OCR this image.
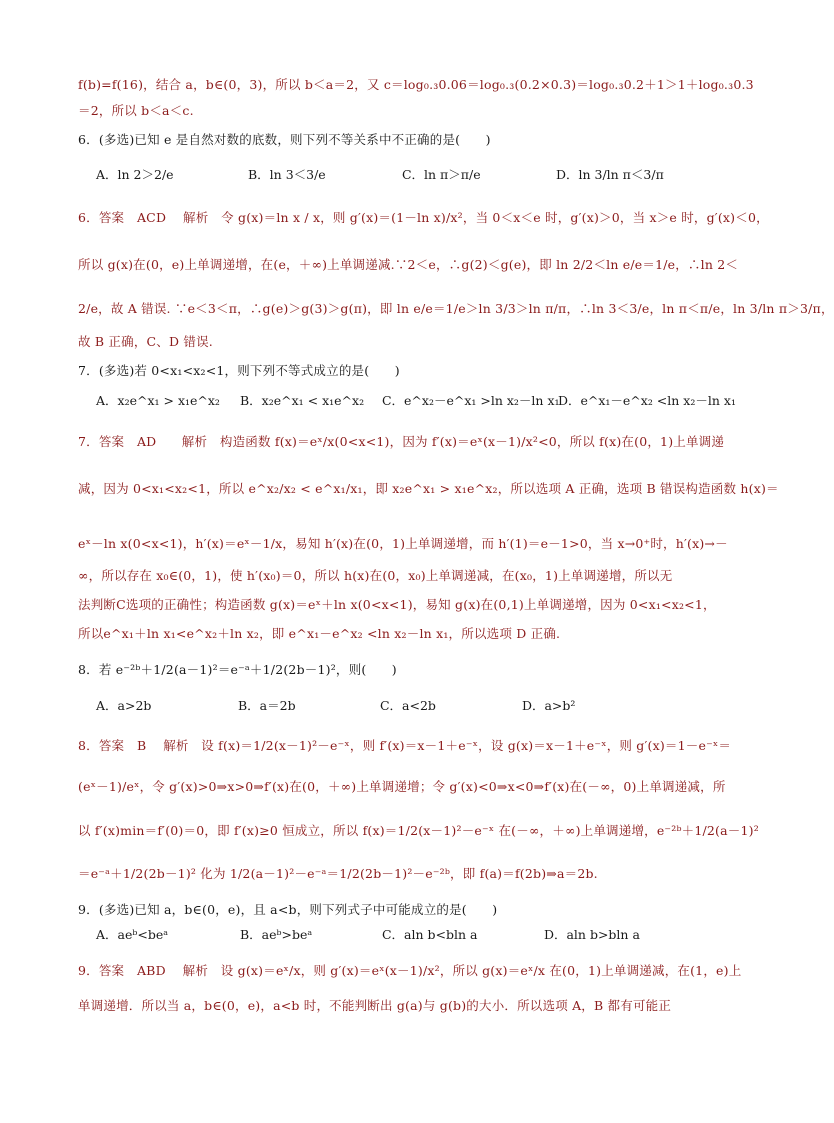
f(b)=f(16)，结合 a，b∈(0，3)，所以 b＜a＝2，又 c＝log₀.₃0.06＝log₀.₃(0.2×0.3)＝log₀.₃0.2＋1＞1＋log₀.₃0.3
＝2，所以 b＜a＜c.
6．(多选)已知 e 是自然对数的底数，则下列不等关系中不正确的是(　　)
A．ln 2＞2/e	B．ln 3＜3/e	C．ln π＞π/e	D．ln 3/ln π＜3/π
6．答案　ACD　 解析　令 g(x)＝ln x / x，则 g′(x)＝(1－ln x)/x²，当 0＜x＜e 时，g′(x)＞0，当 x＞e 时，g′(x)＜0，
所以 g(x)在(0，e)上单调递增，在(e，＋∞)上单调递减.∵2＜e，∴g(2)＜g(e)，即 ln 2/2＜ln e/e＝1/e，∴ln 2＜
2/e，故 A 错误. ∵e＜3＜π，∴g(e)＞g(3)＞g(π)，即 ln e/e＝1/e＞ln 3/3＞ln π/π，∴ln 3＜3/e，ln π＜π/e，ln 3/ln π＞3/π，
故 B 正确，C、D 错误.
7．(多选)若 0<x₁<x₂<1，则下列不等式成立的是(　　)
A．x₂e^x₁ > x₁e^x₂ B．x₂e^x₁ < x₁e^x₂ C．e^x₂－e^x₁ >ln x₂－ln x₁ D．e^x₁－e^x₂ <ln x₂－ln x₁
7．答案　AD　　解析　构造函数 f(x)＝eˣ/x(0<x<1)，因为 f′(x)＝eˣ(x－1)/x²<0，所以 f(x)在(0，1)上单调递
减，因为 0<x₁<x₂<1，所以 e^x₂/x₂ < e^x₁/x₁，即 x₂e^x₁ > x₁e^x₂，所以选项 A 正确，选项 B 错误构造函数 h(x)＝
eˣ－ln x(0<x<1)，h′(x)＝eˣ－1/x，易知 h′(x)在(0，1)上单调递增，而 h′(1)＝e－1>0，当 x→0⁺时，h′(x)→－
∞，所以存在 x₀∈(0，1)，使 h′(x₀)＝0，所以 h(x)在(0，x₀)上单调递减，在(x₀，1)上单调递增，所以无
法判断C选项的正确性；构造函数 g(x)＝eˣ＋ln x(0<x<1)，易知 g(x)在(0,1)上单调递增，因为 0<x₁<x₂<1，
所以e^x₁＋ln x₁<e^x₂＋ln x₂，即 e^x₁－e^x₂ <ln x₂－ln x₁，所以选项 D 正确.
8．若 e⁻²ᵇ＋1/2(a－1)²＝e⁻ᵃ＋1/2(2b－1)²，则(　　)
A．a>2b	B．a＝2b	C．a<2b	D．a>b²
8．答案　B　 解析　设 f(x)＝1/2(x－1)²－e⁻ˣ，则 f′(x)＝x－1＋e⁻ˣ，设 g(x)＝x－1＋e⁻ˣ，则 g′(x)＝1－e⁻ˣ＝
(eˣ－1)/eˣ，令 g′(x)>0⇒x>0⇒f′(x)在(0，＋∞)上单调递增；令 g′(x)<0⇒x<0⇒f′(x)在(－∞，0)上单调递减，所
以 f′(x)min＝f′(0)＝0，即 f′(x)≥0 恒成立，所以 f(x)＝1/2(x－1)²－e⁻ˣ 在(－∞，＋∞)上单调递增，e⁻²ᵇ＋1/2(a－1)²
＝e⁻ᵃ＋1/2(2b－1)² 化为 1/2(a－1)²－e⁻ᵃ＝1/2(2b－1)²－e⁻²ᵇ，即 f(a)＝f(2b)⇒a＝2b.
9．(多选)已知 a，b∈(0，e)，且 a<b，则下列式子中可能成立的是(　　)
A．aeᵇ<beᵃ	B．aeᵇ>beᵃ	C．aln b<bln a	D．aln b>bln a
9．答案　ABD　 解析　设 g(x)＝eˣ/x，则 g′(x)＝eˣ(x－1)/x²，所以 g(x)＝eˣ/x 在(0，1)上单调递减，在(1，e)上
单调递增．所以当 a，b∈(0，e)，a<b 时，不能判断出 g(a)与 g(b)的大小．所以选项 A，B 都有可能正
